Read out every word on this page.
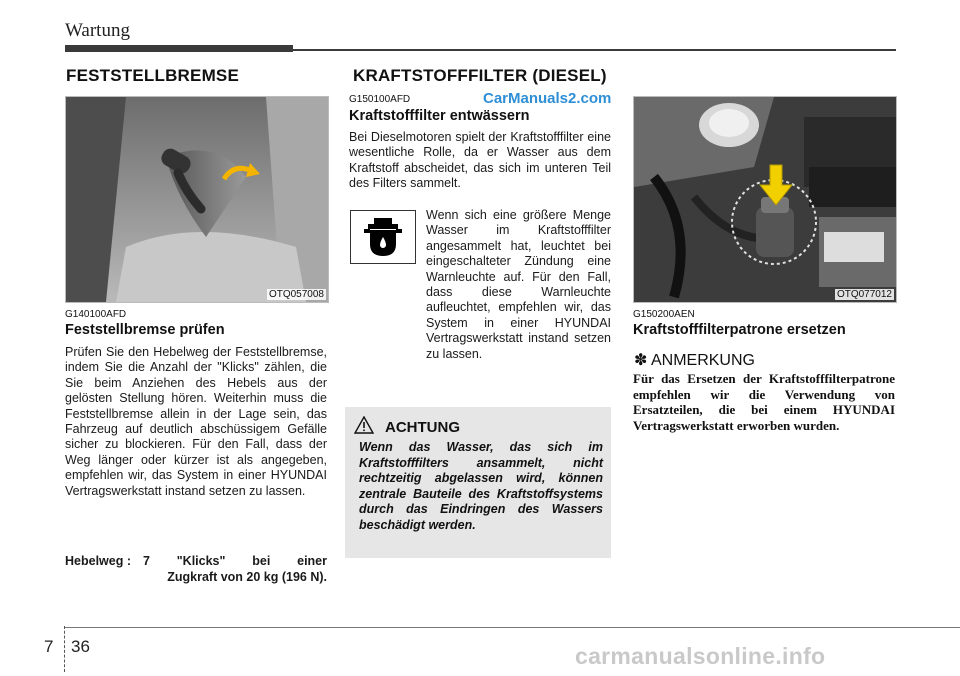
Wartung
FESTSTELLBREMSE	KRAFTSTOFFFILTER (DIESEL)
OTQ057008
G140100AFD
Feststellbremse prüfen
Prüfen Sie den Hebelweg der Feststellbremse, indem Sie die Anzahl der "Klicks" zählen, die Sie beim Anziehen des Hebels aus der gelösten Stellung hören. Weiterhin muss die Feststellbremse allein in der Lage sein, das Fahrzeug auf deutlich abschüssigem Gefälle sicher zu blockieren. Für den Fall, dass der Weg länger oder kürzer ist als angegeben, empfehlen wir, das System in einer HYUNDAI Vertragswerkstatt instand setzen zu lassen.
Hebelweg : 7 "Klicks" bei einer
Zugkraft von 20 kg (196 N).
G150100AFD	CarManuals2.com
Kraftstofffilter entwässern
Bei Dieselmotoren spielt der Kraftstofffilter eine wesentliche Rolle, da er Wasser aus dem Kraftstoff abscheidet, das sich im unteren Teil des Filters sammelt.
Wenn sich eine größere Menge Wasser im Kraftstofffilter angesammelt hat, leuchtet bei eingeschalteter Zündung eine Warnleuchte auf. Für den Fall, dass diese Warnleuchte aufleuchtet, empfehlen wir, das System in einer HYUNDAI Vertragswerkstatt instand setzen zu lassen.
ACHTUNG
Wenn das Wasser, das sich im Kraftstofffilters ansammelt, nicht rechtzeitig abgelassen wird, können zentrale Bauteile des Kraftstoffsystems durch das Eindringen des Wassers beschädigt werden.
OTQ077012
G150200AEN
Kraftstofffilterpatrone ersetzen
✽ ANMERKUNG
Für das Ersetzen der Kraftstofffilterpatrone empfehlen wir die Verwendung von Ersatzteilen, die bei einem HYUNDAI Vertragswerkstatt erworben wurden.
7 36	carmanualsonline.info
